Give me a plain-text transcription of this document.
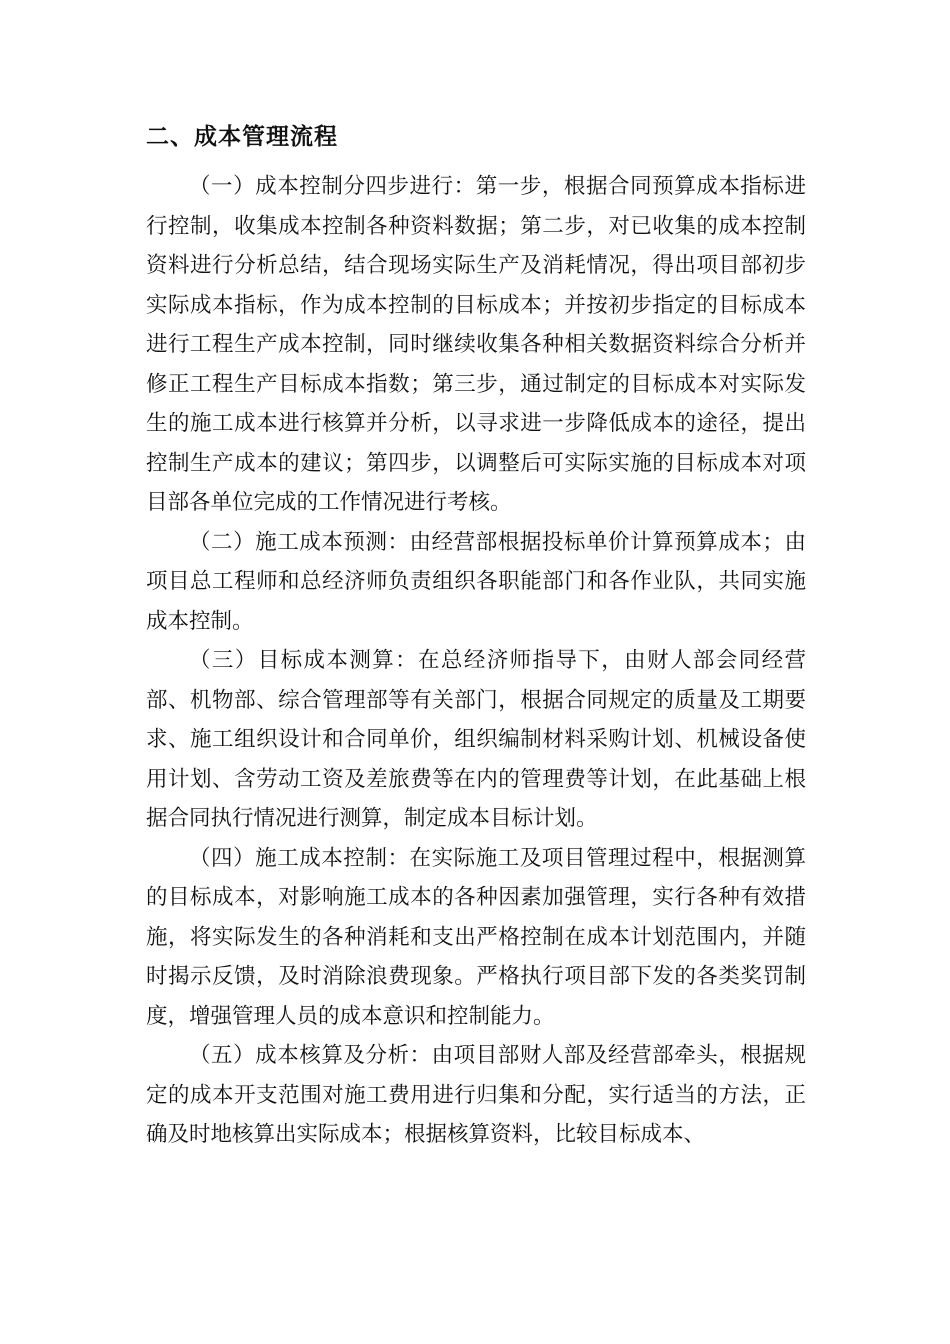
二、成本管理流程

（一）成本控制分四步进行：第一步，根据合同预算成本指标进行控制，收集成本控制各种资料数据；第二步，对已收集的成本控制资料进行分析总结，结合现场实际生产及消耗情况，得出项目部初步实际成本指标，作为成本控制的目标成本；并按初步指定的目标成本进行工程生产成本控制，同时继续收集各种相关数据资料综合分析并修正工程生产目标成本指数；第三步，通过制定的目标成本对实际发生的施工成本进行核算并分析，以寻求进一步降低成本的途径，提出控制生产成本的建议；第四步，以调整后可实际实施的目标成本对项目部各单位完成的工作情况进行考核。

（二）施工成本预测：由经营部根据投标单价计算预算成本；由项目总工程师和总经济师负责组织各职能部门和各作业队，共同实施成本控制。

（三）目标成本测算：在总经济师指导下，由财人部会同经营部、机物部、综合管理部等有关部门，根据合同规定的质量及工期要求、施工组织设计和合同单价，组织编制材料采购计划、机械设备使用计划、含劳动工资及差旅费等在内的管理费等计划，在此基础上根据合同执行情况进行测算，制定成本目标计划。

（四）施工成本控制：在实际施工及项目管理过程中，根据测算的目标成本，对影响施工成本的各种因素加强管理，实行各种有效措施，将实际发生的各种消耗和支出严格控制在成本计划范围内，并随时揭示反馈，及时消除浪费现象。严格执行项目部下发的各类奖罚制度，增强管理人员的成本意识和控制能力。

（五）成本核算及分析：由项目部财人部及经营部牵头，根据规定的成本开支范围对施工费用进行归集和分配，实行适当的方法，正确及时地核算出实际成本；根据核算资料，比较目标成本、
